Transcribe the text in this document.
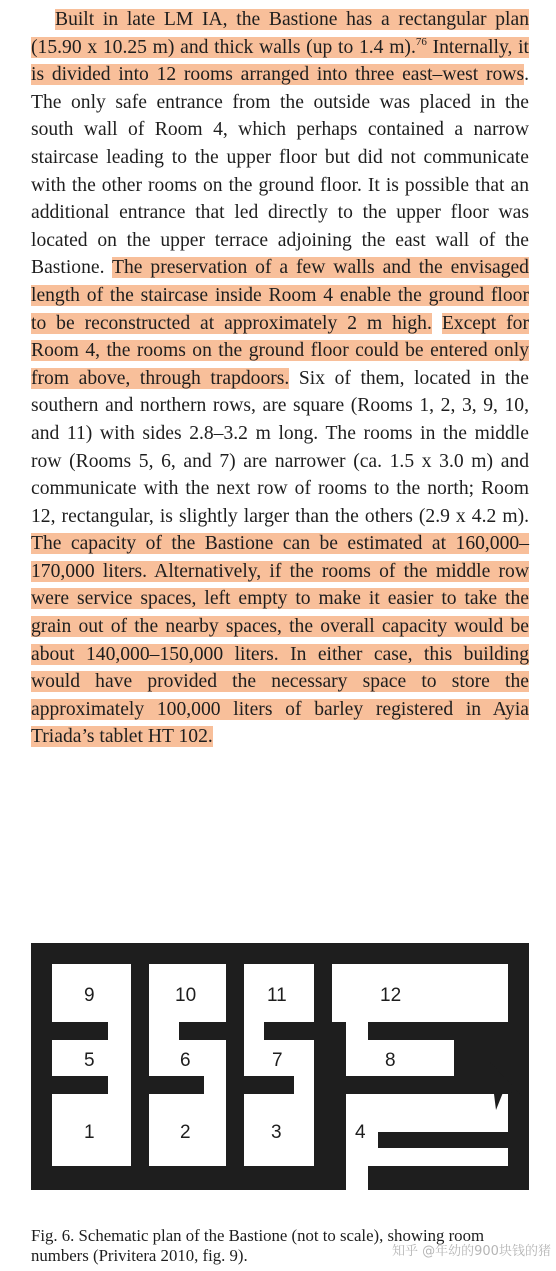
Built in late LM IA, the Bastione has a rectangular plan (15.90 x 10.25 m) and thick walls (up to 1.4 m).$^{76}$ Internally, it is divided into 12 rooms arranged into three east–west rows. The only safe entrance from the outside was placed in the south wall of Room 4, which perhaps contained a narrow staircase leading to the upper floor but did not communicate with the other rooms on the ground floor. It is possible that an additional entrance that led directly to the upper floor was located on the upper terrace adjoining the east wall of the Bastione. The preservation of a few walls and the envisaged length of the staircase inside Room 4 enable the ground floor to be reconstructed at approximately 2 m high. Except for Room 4, the rooms on the ground floor could be entered only from above, through trapdoors. Six of them, located in the southern and northern rows, are square (Rooms 1, 2, 3, 9, 10, and 11) with sides 2.8–3.2 m long. The rooms in the middle row (Rooms 5, 6, and 7) are narrower (ca. 1.5 x 3.0 m) and communicate with the next row of rooms to the north; Room 12, rectangular, is slightly larger than the others (2.9 x 4.2 m). The capacity of the Bastione can be estimated at 160,000–170,000 liters. Alternatively, if the rooms of the middle row were service spaces, left empty to make it easier to take the grain out of the nearby spaces, the overall capacity would be about 140,000–150,000 liters. In either case, this building would have provided the necessary space to store the approximately 100,000 liters of barley registered in Ayia Triada’s tablet HT 102.

9	10	11	12
5	6	7	8
1	2	3	4
Fig. 6. Schematic plan of the Bastione (not to scale), showing room numbers (Privitera 2010, fig. 9).	知乎 @年幼的900块钱的猪
